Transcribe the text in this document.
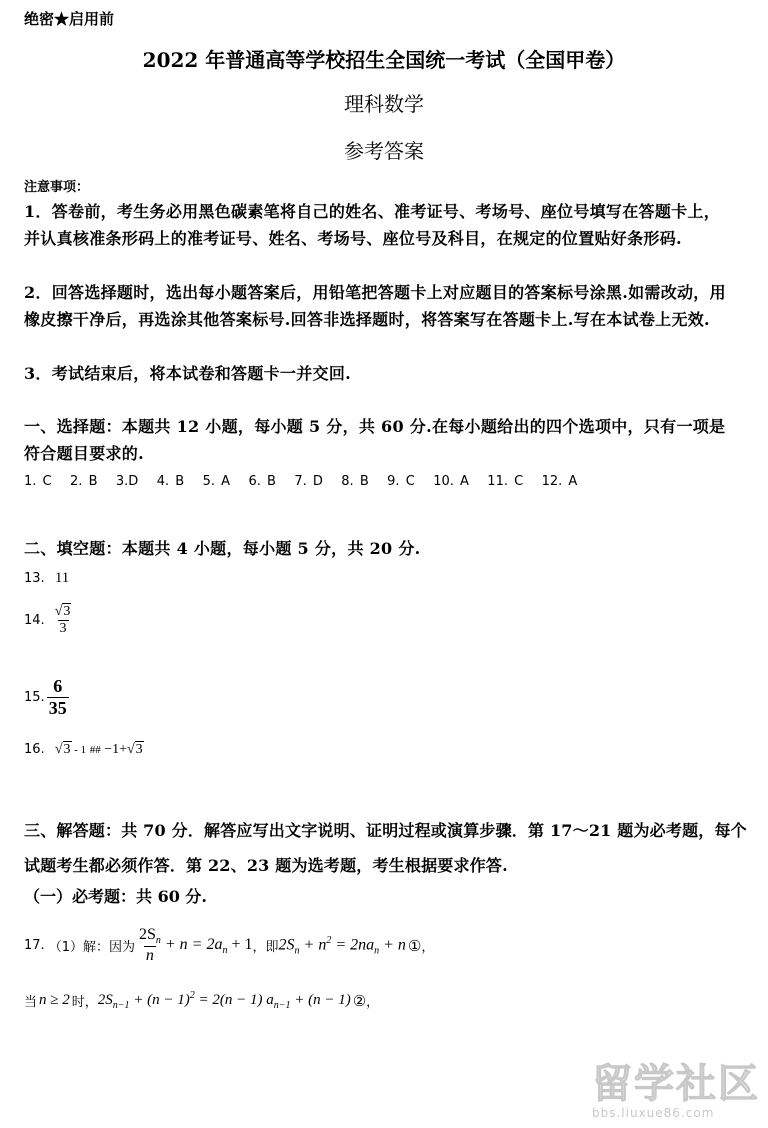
绝密★启用前
2022 年普通高等学校招生全国统一考试（全国甲卷）
理科数学
参考答案
注意事项：
1．答卷前，考生务必用黑色碳素笔将自己的姓名、准考证号、考场号、座位号填写在答题卡上，并认真核准条形码上的准考证号、姓名、考场号、座位号及科目，在规定的位置贴好条形码.
2．回答选择题时，选出每小题答案后，用铅笔把答题卡上对应题目的答案标号涂黑.如需改动，用橡皮擦干净后，再选涂其他答案标号.回答非选择题时，将答案写在答题卡上.写在本试卷上无效.
3．考试结束后，将本试卷和答题卡一并交回.
一、选择题：本题共 12 小题，每小题 5 分，共 60 分.在每小题给出的四个选项中，只有一项是符合题目要求的.
1. C 2. B 3.D 4. B 5. A 6. B 7. D 8. B 9. C 10. A 11. C 12. A
二、填空题：本题共 4 小题，每小题 5 分，共 20 分.
13. 11
14. $\frac{√3}{3}$
15. $\frac{6}{35}$
16. √3 - 1 ## −1+√3
三、解答题：共 70 分．解答应写出文字说明、证明过程或演算步骤．第 17～21 题为必考题，每个试题考生都必须作答．第 22、23 题为选考题，考生根据要求作答.
（一）必考题：共 60 分.
17. （1）解：因为 $\frac{2S_n}{n} + n = 2a_n + 1$ ，即 $2S_n + n^2 = 2na_n + n$ ① ，
当 n ≥ 2 时， $2S_{n-1} + (n - 1)^2 = 2(n - 1) a_{n-1} + (n - 1)$ ② ，
留学社区
bbs.liuxue86.com
